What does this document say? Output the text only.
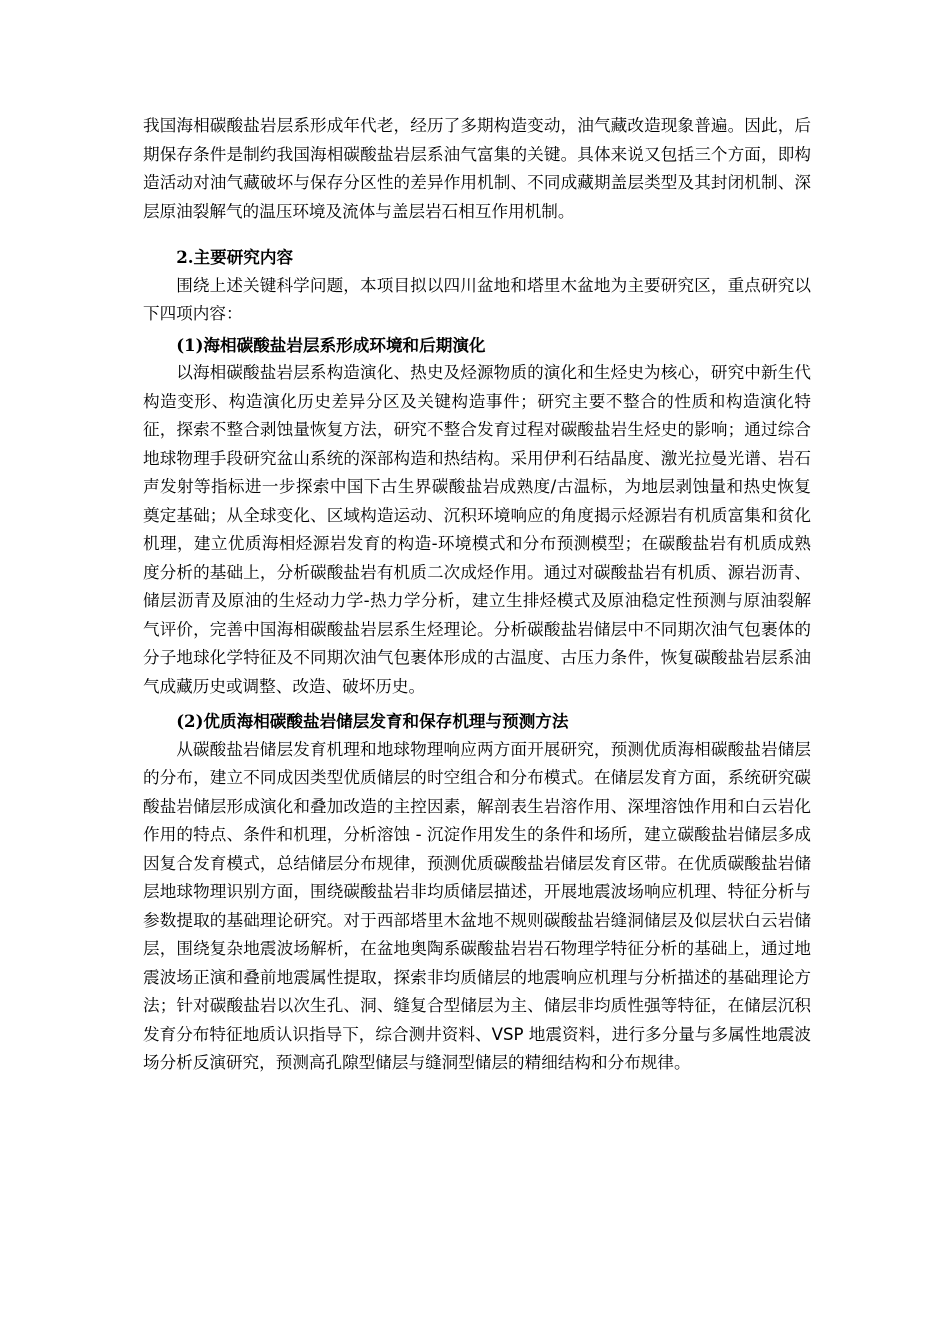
我国海相碳酸盐岩层系形成年代老，经历了多期构造变动，油气藏改造现象普遍。因此，后期保存条件是制约我国海相碳酸盐岩层系油气富集的关键。具体来说又包括三个方面，即构造活动对油气藏破坏与保存分区性的差异作用机制、不同成藏期盖层类型及其封闭机制、深层原油裂解气的温压环境及流体与盖层岩石相互作用机制。

2.主要研究内容

围绕上述关键科学问题，本项目拟以四川盆地和塔里木盆地为主要研究区，重点研究以下四项内容：

(1)海相碳酸盐岩层系形成环境和后期演化

以海相碳酸盐岩层系构造演化、热史及烃源物质的演化和生烃史为核心，研究中新生代构造变形、构造演化历史差异分区及关键构造事件；研究主要不整合的性质和构造演化特征，探索不整合剥蚀量恢复方法，研究不整合发育过程对碳酸盐岩生烃史的影响；通过综合地球物理手段研究盆山系统的深部构造和热结构。采用伊利石结晶度、激光拉曼光谱、岩石声发射等指标进一步探索中国下古生界碳酸盐岩成熟度/古温标，为地层剥蚀量和热史恢复奠定基础；从全球变化、区域构造运动、沉积环境响应的角度揭示烃源岩有机质富集和贫化机理，建立优质海相烃源岩发育的构造-环境模式和分布预测模型；在碳酸盐岩有机质成熟度分析的基础上，分析碳酸盐岩有机质二次成烃作用。通过对碳酸盐岩有机质、源岩沥青、储层沥青及原油的生烃动力学-热力学分析，建立生排烃模式及原油稳定性预测与原油裂解气评价，完善中国海相碳酸盐岩层系生烃理论。分析碳酸盐岩储层中不同期次油气包裹体的分子地球化学特征及不同期次油气包裹体形成的古温度、古压力条件，恢复碳酸盐岩层系油气成藏历史或调整、改造、破坏历史。

(2)优质海相碳酸盐岩储层发育和保存机理与预测方法

从碳酸盐岩储层发育机理和地球物理响应两方面开展研究，预测优质海相碳酸盐岩储层的分布，建立不同成因类型优质储层的时空组合和分布模式。在储层发育方面，系统研究碳酸盐岩储层形成演化和叠加改造的主控因素，解剖表生岩溶作用、深埋溶蚀作用和白云岩化作用的特点、条件和机理，分析溶蚀 - 沉淀作用发生的条件和场所，建立碳酸盐岩储层多成因复合发育模式，总结储层分布规律，预测优质碳酸盐岩储层发育区带。在优质碳酸盐岩储层地球物理识别方面，围绕碳酸盐岩非均质储层描述，开展地震波场响应机理、特征分析与参数提取的基础理论研究。对于西部塔里木盆地不规则碳酸盐岩缝洞储层及似层状白云岩储层，围绕复杂地震波场解析，在盆地奥陶系碳酸盐岩岩石物理学特征分析的基础上，通过地震波场正演和叠前地震属性提取，探索非均质储层的地震响应机理与分析描述的基础理论方法；针对碳酸盐岩以次生孔、洞、缝复合型储层为主、储层非均质性强等特征，在储层沉积发育分布特征地质认识指导下，综合测井资料、VSP 地震资料，进行多分量与多属性地震波场分析反演研究，预测高孔隙型储层与缝洞型储层的精细结构和分布规律。
